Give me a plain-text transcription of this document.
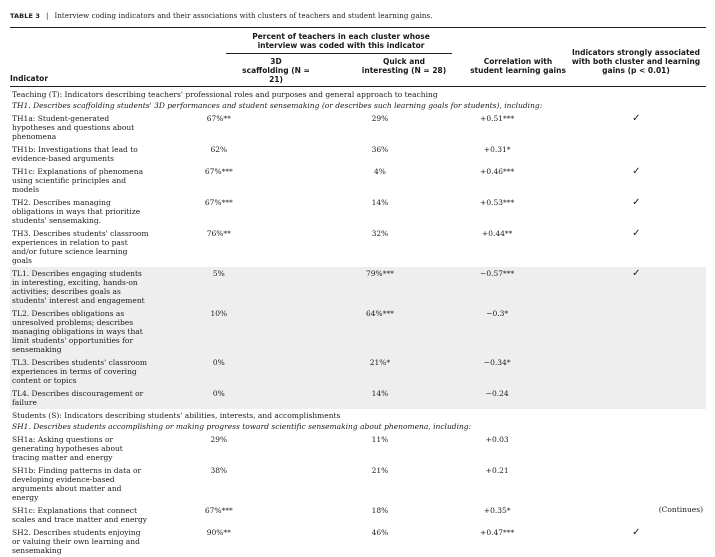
TABLE 3 | Interview coding indicators and their associations with clusters of teachers and student learning gains.
Percent of teachers in each cluster whose
interview was coded with this indicator
Indicator
3D
scaffolding (N = 21)
Quick and
interesting (N = 28)
Correlation with
student learning gains
Indicators strongly associated
with both cluster and learning
gains (p < 0.01)
Teaching (T): Indicators describing teachers' professional roles and purposes and general approach to teaching				
TH1. Describes scaffolding students' 3D performances and student sensemaking (or describes such learning goals for students), including:				
TH1a: Student-generated hypotheses and questions about phenomena	67%**	29%	+0.51***	✓
TH1b: Investigations that lead to evidence-based arguments	62%	36%	+0.31*	
TH1c: Explanations of phenomena using scientific principles and models	67%***	4%	+0.46***	✓
TH2. Describes managing obligations in ways that prioritize students' sensemaking.	67%***	14%	+0.53***	✓
TH3. Describes students' classroom experiences in relation to past and/or future science learning goals	76%**	32%	+0.44**	✓
TL1. Describes engaging students in interesting, exciting, hands-on activities; describes goals as students' interest and engagement	5%	79%***	−0.57***	✓
TL2. Describes obligations as unresolved problems; describes managing obligations in ways that limit students' opportunities for sensemaking	10%	64%***	−0.3*	
TL3. Describes students' classroom experiences in terms of covering content or topics	0%	21%*	−0.34*	
TL4. Describes discouragement or failure	0%	14%	−0.24	
Students (S): Indicators describing students' abilities, interests, and accomplishments				
SH1. Describes students accomplishing or making progress toward scientific sensemaking about phenomena, including:				
SH1a: Asking questions or generating hypotheses about tracing matter and energy	29%	11%	+0.03	
SH1b: Finding patterns in data or developing evidence-based arguments about matter and energy	38%	21%	+0.21	
SH1c: Explanations that connect scales and trace matter and energy	67%***	18%	+0.35*	
SH2. Describes students enjoying or valuing their own learning and sensemaking	90%**	46%	+0.47***	✓
(Continues)
